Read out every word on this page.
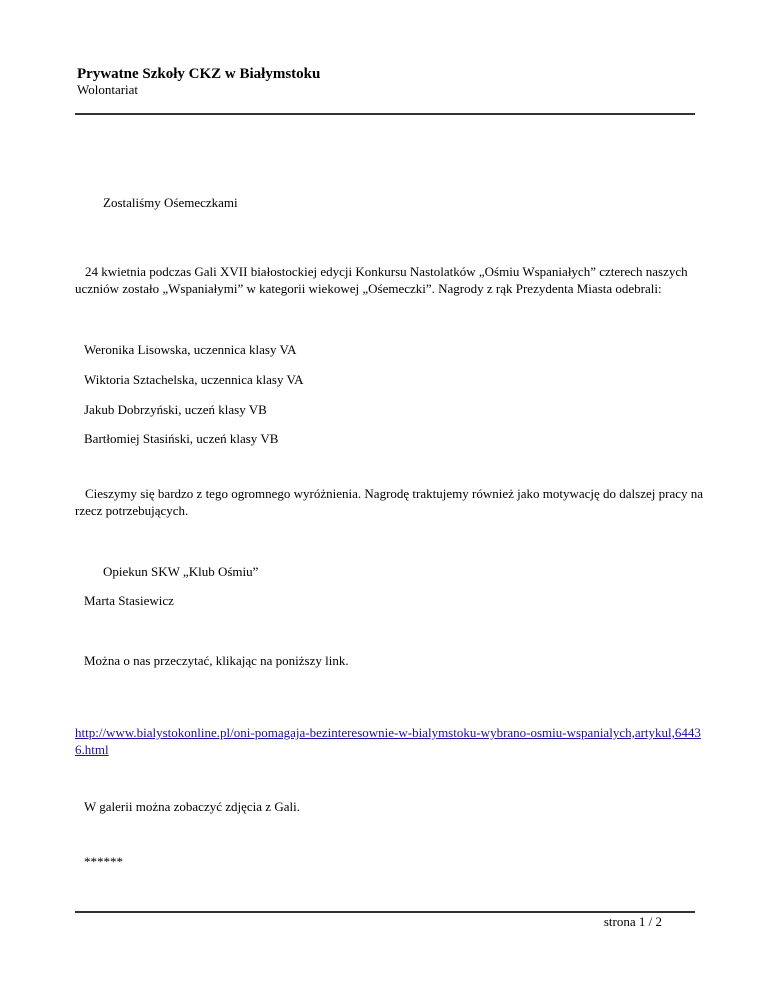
Prywatne Szkoły CKZ w Białymstoku
Wolontariat
Zostaliśmy Ośemeczkami
24 kwietnia podczas Gali XVII białostockiej edycji Konkursu Nastolatków „Ośmiu Wspaniałych” czterech naszych uczniów zostało „Wspaniałymi” w kategorii wiekowej „Ośemeczki”. Nagrody z rąk Prezydenta Miasta odebrali:
Weronika Lisowska, uczennica klasy VA
Wiktoria Sztachelska, uczennica klasy VA
Jakub Dobrzyński, uczeń klasy VB
Bartłomiej Stasiński, uczeń klasy VB
Cieszymy się bardzo z tego ogromnego wyróżnienia. Nagrodę traktujemy również jako motywację do dalszej pracy na rzecz potrzebujących.
Opiekun SKW „Klub Ośmiu”
Marta Stasiewicz
Można o nas przeczytać, klikając na poniższy link.
http://www.bialystokonline.pl/oni-pomagaja-bezinteresownie-w-bialymstoku-wybrano-osmiu-wspanialych,artykul,64436.html
W galerii można zobaczyć zdjęcia z Gali.
******
strona 1 / 2
